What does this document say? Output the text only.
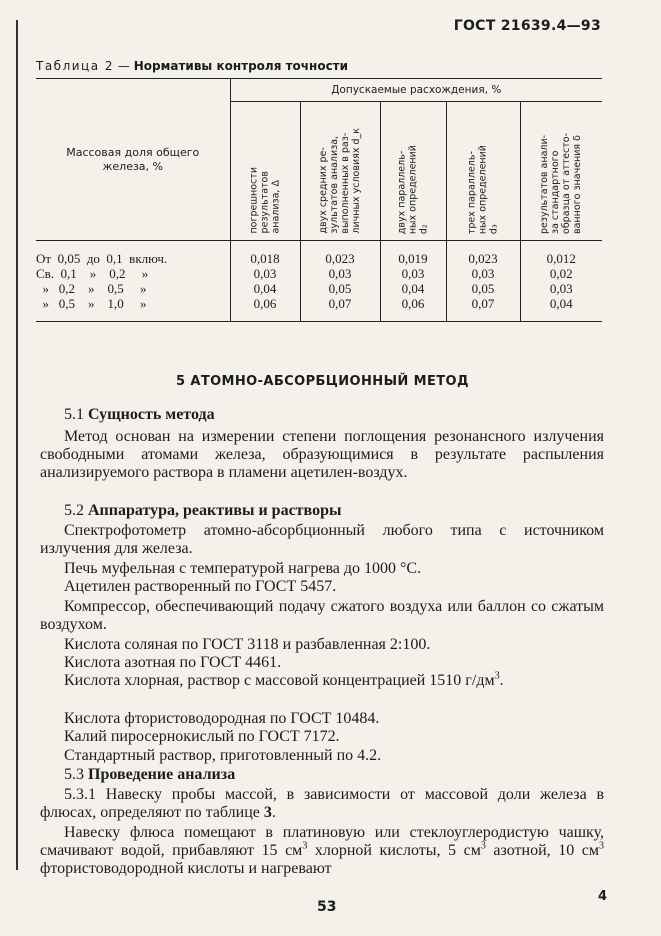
ГОСТ 21639.4—93
Таблица 2 — Нормативы контроля точности
Массовая доля общего железа, %	Допускаемые расхождения, %				

	погрешности
результатов
анализа, Δ	двух средних ре-
зультатов анализа,
выполненных в раз-
личных условиях d_к	двух параллель-
ных определений
d₂	трех параллель-
ных определений
d₃	результатов анали-
за стандартного
образца от аттесто-
ванного значения δ

От  0,05  до  0,1  включ.	0,018	0,023	0,019	0,023	0,012
Св.  0,1    »    0,2     »	0,03	0,03	0,03	0,03	0,02
»   0,2    »    0,5     »	0,04	0,05	0,04	0,05	0,03
»   0,5    »    1,0     »	0,06	0,07	0,06	0,07	0,04

5 АТОМНО-АБСОРБЦИОННЫЙ МЕТОД
5.1 Сущность метода
Метод основан на измерении степени поглощения резонансного излучения свободными атомами железа, образующимися в результате распыления анализируемого раствора в пламени ацетилен-воздух.
5.2 Аппаратура, реактивы и растворы
Спектрофотометр атомно-абсорбционный любого типа с источником излучения для железа.
Печь муфельная с температурой нагрева до 1000 °С.
Ацетилен растворенный по ГОСТ 5457.
Компрессор, обеспечивающий подачу сжатого воздуха или баллон со сжатым воздухом.
Кислота соляная по ГОСТ 3118 и разбавленная 2:100.
Кислота азотная по ГОСТ 4461.
Кислота хлорная, раствор с массовой концентрацией 1510 $г/дм^3$.
Кислота фтористоводородная по ГОСТ 10484.
Калий пиросернокислый по ГОСТ 7172.
Стандартный раствор, приготовленный по 4.2.
5.3 Проведение анализа
5.3.1 Навеску пробы массой, в зависимости от массовой доли железа в флюсах, определяют по таблице 3.
Навеску флюса помещают в платиновую или стеклоуглеродистую чашку, смачивают водой, прибавляют 15 $см^3$ хлорной кислоты, 5 $см^3$ азотной, 10 $см^3$ фтористоводородной кислоты и нагревают
53
4
